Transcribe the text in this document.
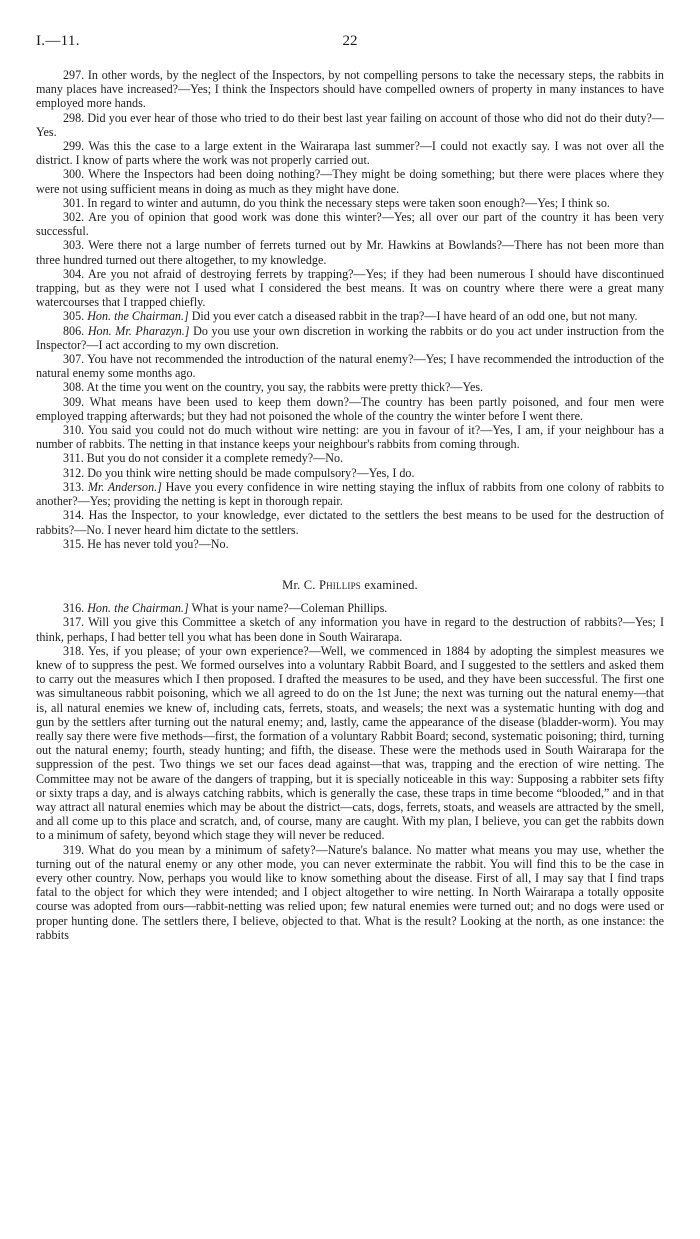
I.—11.	22

297. In other words, by the neglect of the Inspectors, by not compelling persons to take the necessary steps, the rabbits in many places have increased?—Yes; I think the Inspectors should have compelled owners of property in many instances to have employed more hands.

298. Did you ever hear of those who tried to do their best last year failing on account of those who did not do their duty?—Yes.

299. Was this the case to a large extent in the Wairarapa last summer?—I could not exactly say. I was not over all the district. I know of parts where the work was not properly carried out.

300. Where the Inspectors had been doing nothing?—They might be doing something; but there were places where they were not using sufficient means in doing as much as they might have done.

301. In regard to winter and autumn, do you think the necessary steps were taken soon enough?—Yes; I think so.

302. Are you of opinion that good work was done this winter?—Yes; all over our part of the country it has been very successful.

303. Were there not a large number of ferrets turned out by Mr. Hawkins at Bowlands?—There has not been more than three hundred turned out there altogether, to my knowledge.

304. Are you not afraid of destroying ferrets by trapping?—Yes; if they had been numerous I should have discontinued trapping, but as they were not I used what I considered the best means. It was on country where there were a great many watercourses that I trapped chiefly.

305. Hon. the Chairman.] Did you ever catch a diseased rabbit in the trap?—I have heard of an odd one, but not many.

806. Hon. Mr. Pharazyn.] Do you use your own discretion in working the rabbits or do you act under instruction from the Inspector?—I act according to my own discretion.

307. You have not recommended the introduction of the natural enemy?—Yes; I have recommended the introduction of the natural enemy some months ago.

308. At the time you went on the country, you say, the rabbits were pretty thick?—Yes.

309. What means have been used to keep them down?—The country has been partly poisoned, and four men were employed trapping afterwards; but they had not poisoned the whole of the country the winter before I went there.

310. You said you could not do much without wire netting: are you in favour of it?—Yes, I am, if your neighbour has a number of rabbits. The netting in that instance keeps your neighbour's rabbits from coming through.

311. But you do not consider it a complete remedy?—No.

312. Do you think wire netting should be made compulsory?—Yes, I do.

313. Mr. Anderson.] Have you every confidence in wire netting staying the influx of rabbits from one colony of rabbits to another?—Yes; providing the netting is kept in thorough repair.

314. Has the Inspector, to your knowledge, ever dictated to the settlers the best means to be used for the destruction of rabbits?—No. I never heard him dictate to the settlers.

315. He has never told you?—No.

Mr. C. Phillips examined.

316. Hon. the Chairman.] What is your name?—Coleman Phillips.

317. Will you give this Committee a sketch of any information you have in regard to the destruction of rabbits?—Yes; I think, perhaps, I had better tell you what has been done in South Wairarapa.

318. Yes, if you please; of your own experience?—Well, we commenced in 1884 by adopting the simplest measures we knew of to suppress the pest. We formed ourselves into a voluntary Rabbit Board, and I suggested to the settlers and asked them to carry out the measures which I then proposed. I drafted the measures to be used, and they have been successful. The first one was simultaneous rabbit poisoning, which we all agreed to do on the 1st June; the next was turning out the natural enemy—that is, all natural enemies we knew of, including cats, ferrets, stoats, and weasels; the next was a systematic hunting with dog and gun by the settlers after turning out the natural enemy; and, lastly, came the appearance of the disease (bladder-worm). You may really say there were five methods—first, the formation of a voluntary Rabbit Board; second, systematic poisoning; third, turning out the natural enemy; fourth, steady hunting; and fifth, the disease. These were the methods used in South Wairarapa for the suppression of the pest. Two things we set our faces dead against—that was, trapping and the erection of wire netting. The Committee may not be aware of the dangers of trapping, but it is specially noticeable in this way: Supposing a rabbiter sets fifty or sixty traps a day, and is always catching rabbits, which is generally the case, these traps in time become “blooded,” and in that way attract all natural enemies which may be about the district—cats, dogs, ferrets, stoats, and weasels are attracted by the smell, and all come up to this place and scratch, and, of course, many are caught. With my plan, I believe, you can get the rabbits down to a minimum of safety, beyond which stage they will never be reduced.

319. What do you mean by a minimum of safety?—Nature's balance. No matter what means you may use, whether the turning out of the natural enemy or any other mode, you can never exterminate the rabbit. You will find this to be the case in every other country. Now, perhaps you would like to know something about the disease. First of all, I may say that I find traps fatal to the object for which they were intended; and I object altogether to wire netting. In North Wairarapa a totally opposite course was adopted from ours—rabbit-netting was relied upon; few natural enemies were turned out; and no dogs were used or proper hunting done. The settlers there, I believe, objected to that. What is the result? Looking at the north, as one instance: the rabbits
